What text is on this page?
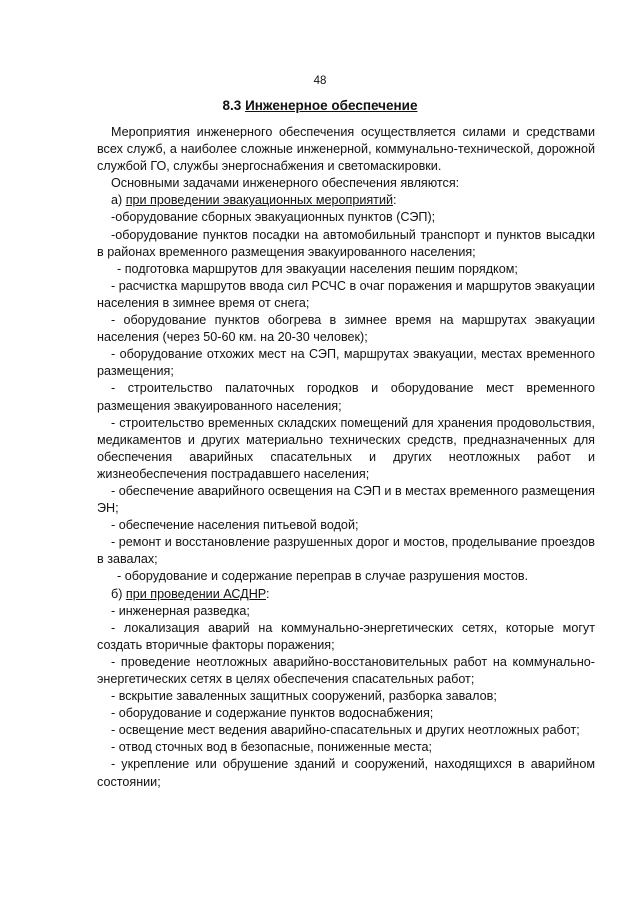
48
8.3 Инженерное обеспечение

Мероприятия инженерного обеспечения осуществляется силами и средствами всех служб, а наиболее сложные инженерной, коммунально-технической, дорожной службой ГО, службы энергоснабжения и светомаскировки.

Основными задачами инженерного обеспечения являются:

а) при проведении эвакуационных мероприятий:

-оборудование сборных эвакуационных пунктов (СЭП);

-оборудование пунктов посадки на автомобильный транспорт и пунктов высадки в районах временного размещения эвакуированного населения;

- подготовка маршрутов для эвакуации населения пешим порядком;

- расчистка маршрутов ввода сил РСЧС в очаг поражения и маршрутов эвакуации населения в зимнее время от снега;

- оборудование пунктов обогрева в зимнее время на маршрутах эвакуации населения (через 50-60 км. на 20-30 человек);

- оборудование отхожих мест на СЭП, маршрутах эвакуации, местах временного размещения;

- строительство палаточных городков и оборудование мест временного размещения эвакуированного населения;

- строительство временных складских помещений для хранения продовольствия, медикаментов и других материально технических средств, предназначенных для обеспечения аварийных спасательных и других неотложных работ и жизнеобеспечения пострадавшего населения;

- обеспечение аварийного освещения на СЭП и в местах временного размещения ЭН;

- обеспечение населения питьевой водой;

- ремонт и восстановление разрушенных дорог и мостов, проделывание проездов в завалах;

- оборудование и содержание переправ в случае разрушения мостов.

б) при проведении АСДНР:

- инженерная разведка;

- локализация аварий на коммунально-энергетических сетях, которые могут создать вторичные факторы поражения;

- проведение неотложных аварийно-восстановительных работ на коммунально-энергетических сетях в целях обеспечения спасательных работ;

- вскрытие заваленных защитных сооружений, разборка завалов;

- оборудование и содержание пунктов водоснабжения;

- освещение мест ведения аварийно-спасательных и других неотложных работ;

- отвод сточных вод в безопасные, пониженные места;

- укрепление или обрушение зданий и сооружений, находящихся в аварийном состоянии;
